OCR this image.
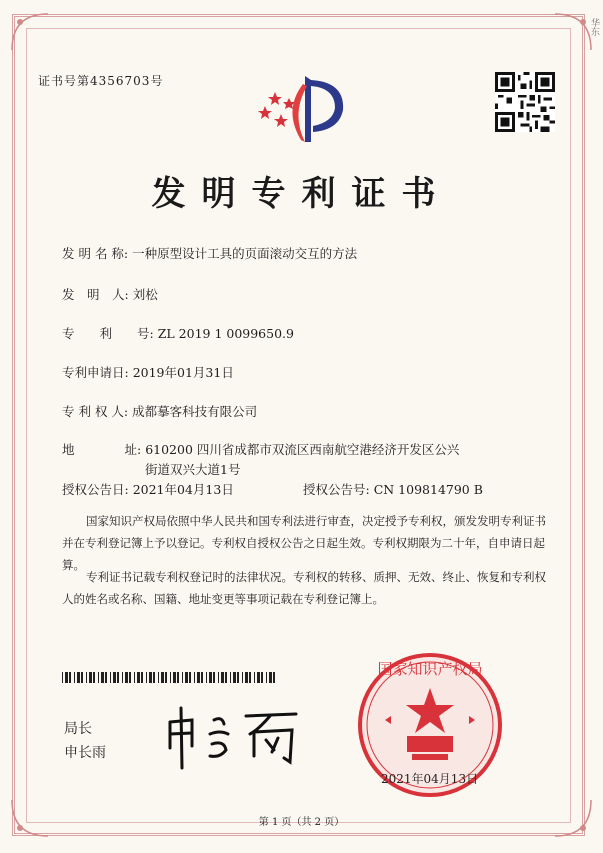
华东
证书号第4356703号
发明专利证书
发 明 名 称: 一种原型设计工具的页面滚动交互的方法
发　明　人: 刘松
专　　利　　号: ZL 2019 1 0099650.9
专利申请日: 2019年01月31日
专 利 权 人: 成都摹客科技有限公司
地　　　　址: 610200 四川省成都市双流区西南航空港经济开发区公兴
街道双兴大道1号
授权公告日: 2021年04月13日	授权公告号: CN 109814790 B
国家知识产权局依照中华人民共和国专利法进行审查，决定授予专利权，颁发发明专利证书并在专利登记簿上予以登记。专利权自授权公告之日起生效。专利权期限为二十年，自申请日起算。
专利证书记载专利权登记时的法律状况。专利权的转移、质押、无效、终止、恢复和专利权人的姓名或名称、国籍、地址变更等事项记载在专利登记簿上。
局长
申长雨
国家知识产权局
2021年04月13日
第 1 页（共 2 页）
